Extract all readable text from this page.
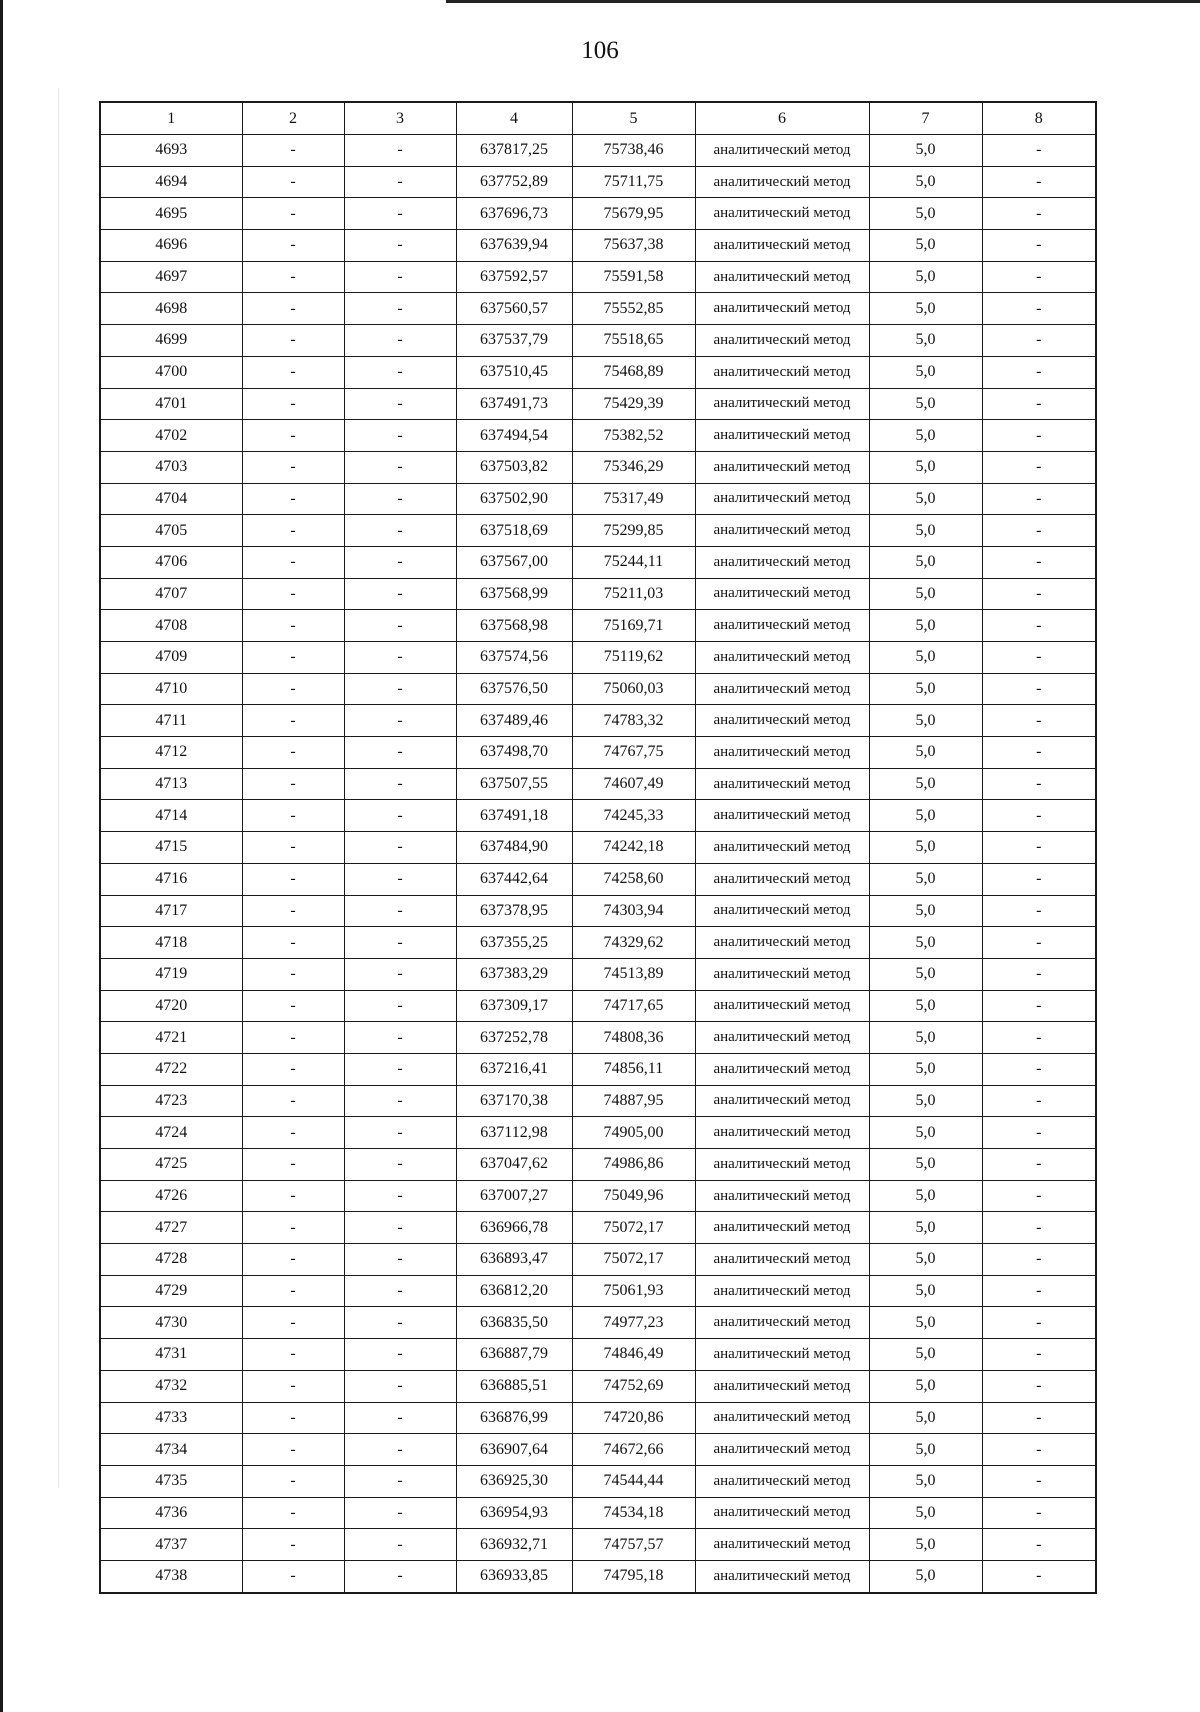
106
1	2	3	4	5	6	7	8
4693	-	-	637817,25	75738,46	аналитический метод	5,0	-
4694	-	-	637752,89	75711,75	аналитический метод	5,0	-
4695	-	-	637696,73	75679,95	аналитический метод	5,0	-
4696	-	-	637639,94	75637,38	аналитический метод	5,0	-
4697	-	-	637592,57	75591,58	аналитический метод	5,0	-
4698	-	-	637560,57	75552,85	аналитический метод	5,0	-
4699	-	-	637537,79	75518,65	аналитический метод	5,0	-
4700	-	-	637510,45	75468,89	аналитический метод	5,0	-
4701	-	-	637491,73	75429,39	аналитический метод	5,0	-
4702	-	-	637494,54	75382,52	аналитический метод	5,0	-
4703	-	-	637503,82	75346,29	аналитический метод	5,0	-
4704	-	-	637502,90	75317,49	аналитический метод	5,0	-
4705	-	-	637518,69	75299,85	аналитический метод	5,0	-
4706	-	-	637567,00	75244,11	аналитический метод	5,0	-
4707	-	-	637568,99	75211,03	аналитический метод	5,0	-
4708	-	-	637568,98	75169,71	аналитический метод	5,0	-
4709	-	-	637574,56	75119,62	аналитический метод	5,0	-
4710	-	-	637576,50	75060,03	аналитический метод	5,0	-
4711	-	-	637489,46	74783,32	аналитический метод	5,0	-
4712	-	-	637498,70	74767,75	аналитический метод	5,0	-
4713	-	-	637507,55	74607,49	аналитический метод	5,0	-
4714	-	-	637491,18	74245,33	аналитический метод	5,0	-
4715	-	-	637484,90	74242,18	аналитический метод	5,0	-
4716	-	-	637442,64	74258,60	аналитический метод	5,0	-
4717	-	-	637378,95	74303,94	аналитический метод	5,0	-
4718	-	-	637355,25	74329,62	аналитический метод	5,0	-
4719	-	-	637383,29	74513,89	аналитический метод	5,0	-
4720	-	-	637309,17	74717,65	аналитический метод	5,0	-
4721	-	-	637252,78	74808,36	аналитический метод	5,0	-
4722	-	-	637216,41	74856,11	аналитический метод	5,0	-
4723	-	-	637170,38	74887,95	аналитический метод	5,0	-
4724	-	-	637112,98	74905,00	аналитический метод	5,0	-
4725	-	-	637047,62	74986,86	аналитический метод	5,0	-
4726	-	-	637007,27	75049,96	аналитический метод	5,0	-
4727	-	-	636966,78	75072,17	аналитический метод	5,0	-
4728	-	-	636893,47	75072,17	аналитический метод	5,0	-
4729	-	-	636812,20	75061,93	аналитический метод	5,0	-
4730	-	-	636835,50	74977,23	аналитический метод	5,0	-
4731	-	-	636887,79	74846,49	аналитический метод	5,0	-
4732	-	-	636885,51	74752,69	аналитический метод	5,0	-
4733	-	-	636876,99	74720,86	аналитический метод	5,0	-
4734	-	-	636907,64	74672,66	аналитический метод	5,0	-
4735	-	-	636925,30	74544,44	аналитический метод	5,0	-
4736	-	-	636954,93	74534,18	аналитический метод	5,0	-
4737	-	-	636932,71	74757,57	аналитический метод	5,0	-
4738	-	-	636933,85	74795,18	аналитический метод	5,0	-
